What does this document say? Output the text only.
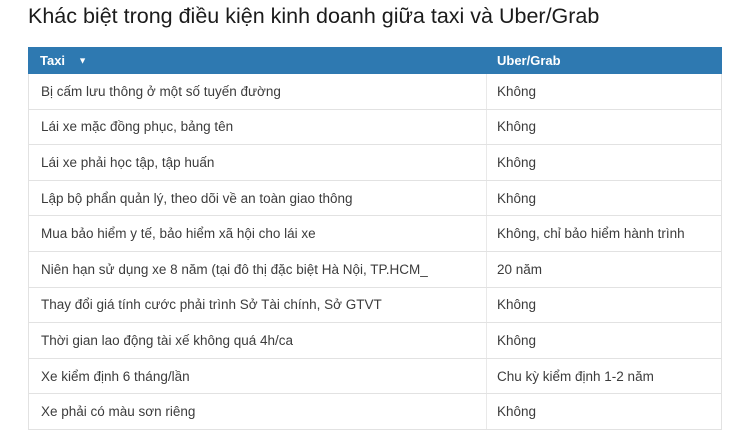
Khác biệt trong điều kiện kinh doanh giữa taxi và Uber/Grab
Taxi ▼	Uber/Grab
Bị cấm lưu thông ở một số tuyến đường	Không
Lái xe mặc đồng phục, bảng tên	Không
Lái xe phải học tập, tập huấn	Không
Lập bộ phẩn quản lý, theo dõi về an toàn giao thông	Không
Mua bảo hiểm y tế, bảo hiểm xã hội cho lái xe	Không, chỉ bảo hiểm hành trình
Niên hạn sử dụng xe 8 năm (tại đô thị đặc biệt Hà Nội, TP.HCM_	20 năm
Thay đổi giá tính cước phải trình Sở Tài chính, Sở GTVT	Không
Thời gian lao động tài xế không quá 4h/ca	Không
Xe kiểm định 6 tháng/lần	Chu kỳ kiểm định 1-2 năm
Xe phải có màu sơn riêng	Không
